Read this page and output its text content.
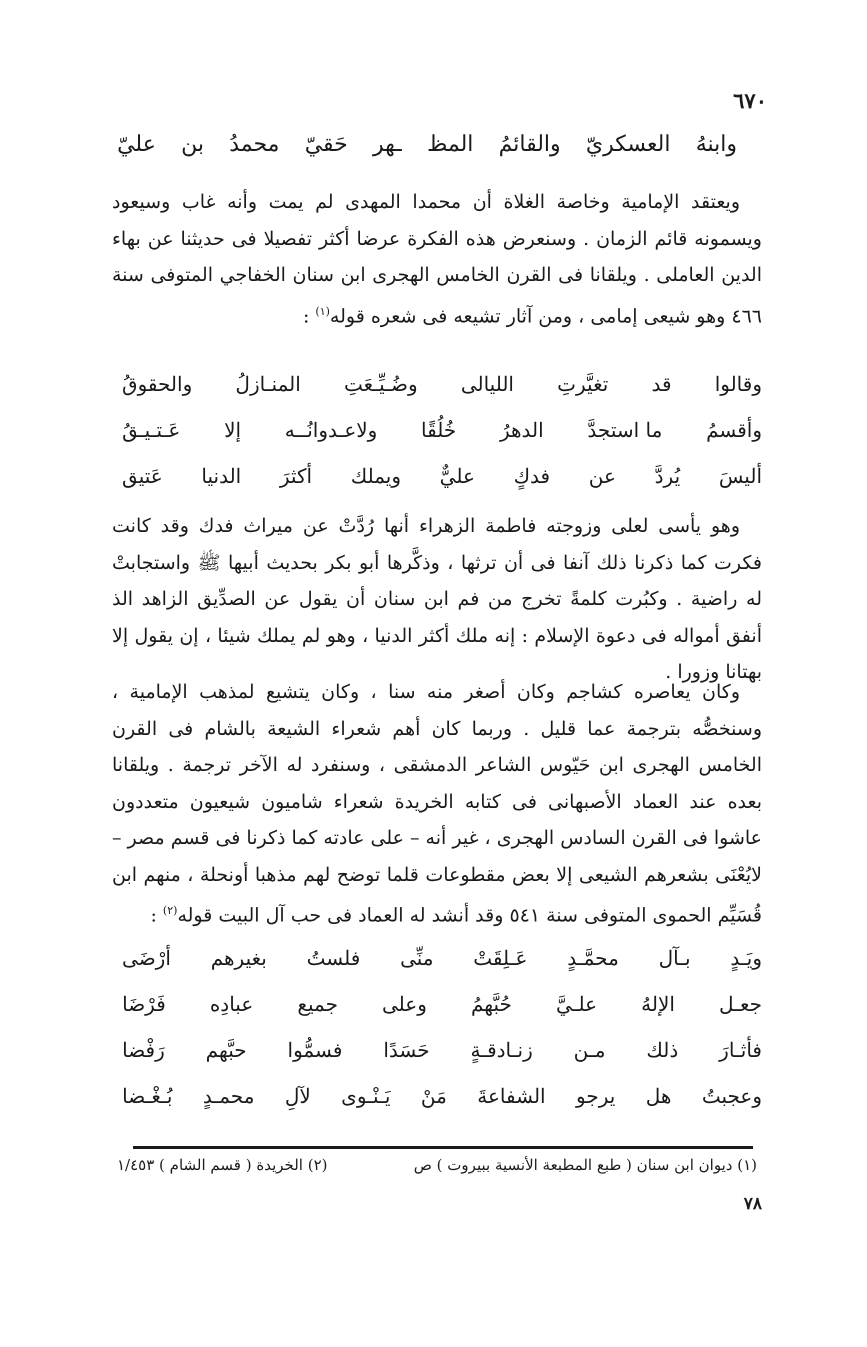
٦٧٠
وابنهُ
العسكريّ
والقائمُ
المظ
ـهر
حَقيّ
محمدُ
بن
عليّ

ويعتقد الإمامية وخاصة الغلاة أن محمدا المهدى لم يمت وأنه غاب وسيعود ويسمونه قائم الزمان . وسنعرض هذه الفكرة عرضا أكثر تفصيلا فى حديثنا عن بهاء الدين العاملى . ويلقانا فى القرن الخامس الهجرى ابن سنان الخفاجي المتوفى سنة ٤٦٦ وهو شيعى إمامى ، ومن آثار تشيعه فى شعره قوله$^{(١)}$ :

وقالوا
قد
تغيَّرتِ
الليالى
وضُـيِّـعَتِ
المنـازلُ
والحقوقُ
وأقسمُ
ما استجدَّ
الدهرُ
خُلُقًا
ولاعـدوانُــه
إلا
عَـتـيـقُ
أليسَ
يُردَّ
عن
فدكٍ
عليٌّ
ويملك
أكثرَ
الدنيا
عَتيق

وهو يأسى لعلى وزوجته فاطمة الزهراء أنها رُدَّتْ عن ميراث فدك وقد كانت فكرت كما ذكرنا ذلك آنفا فى أن ترثها ، وذكَّرها أبو بكر بحديث أبيها ﷺ واستجابتْ له راضية . وكبُرت كلمةً تخرج من فم ابن سنان أن يقول عن الصدِّيق الزاهد الذ أنفق أمواله فى دعوة الإسلام : إنه ملك أكثر الدنيا ، وهو لم يملك شيئا ، إن يقول إلا بهتانا وزورا .

وكان يعاصره كشاجم وكان أصغر منه سنا ، وكان يتشيع لمذهب الإمامية ، وسنخصُّه بترجمة عما قليل . وربما كان أهم شعراء الشيعة بالشام فى القرن الخامس الهجرى ابن حَيّوس الشاعر الدمشقى ، وسنفرد له الآخر ترجمة . ويلقانا بعده عند العماد الأصبهانى فى كتابه الخريدة شعراء شاميون شيعيون متعددون عاشوا فى القرن السادس الهجرى ، غير أنه – على عادته كما ذكرنا فى قسم مصر – لايُعْنَى بشعرهم الشيعى إلا بعض مقطوعات قلما توضح لهم مذهبا أونحلة ، منهم ابن قُسَيِّم الحموى المتوفى سنة ٥٤١ وقد أنشد له العماد فى حب آل البيت قوله$^{(٢)}$ :

ويَـدٍ
بـآل
محمَّـدٍ
عَـلِقَتْ
منِّى
فلستُ
بغيرهم
أرْضَى
جعـل
الإلهُ
علـيَّ
حُبَّهمُ
وعلى
جميع
عبادِه
فَرْضَا
فأثـارَ
ذلك
مـن
زنـادقـةٍ
حَسَدًا
فسمُّوا
حبَّهم
رَفْضا
وعجبتُ
هل
يرجو
الشفاعةَ
مَنْ
يَـنْـوى
لآلِ
محمـدٍ
بُـغْـضا
(١) ديوان ابن سنان ( طبع المطبعة الأنسية ببيروت ) ص
(٢) الخريدة ( قسم الشام ) ١/٤٥٣
٧٨
